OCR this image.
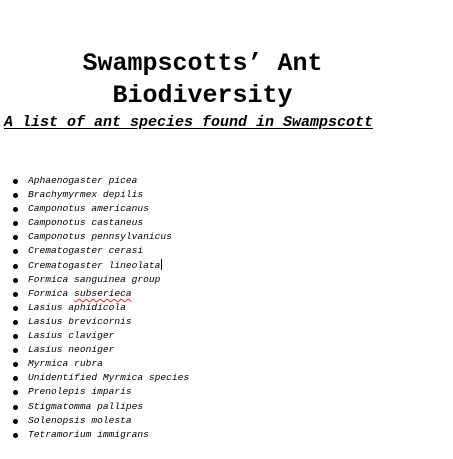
Swampscotts’ Ant
Biodiversity

A list of ant species found in Swampscott

Aphaenogaster picea
Brachymyrmex depilis
Camponotus americanus
Camponotus castaneus
Camponotus pennsylvanicus
Crematogaster cerasi
Crematogaster lineolata
Formica sanguinea group
Formica subseriecа
Lasius aphidicola
Lasius brevicornis
Lasius claviger
Lasius neoniger
Myrmica rubra
Unidentified Myrmica species
Prenolepis imparis
Stigmatomma pallipes
Solenopsis molesta
Tetramorium immigrans
